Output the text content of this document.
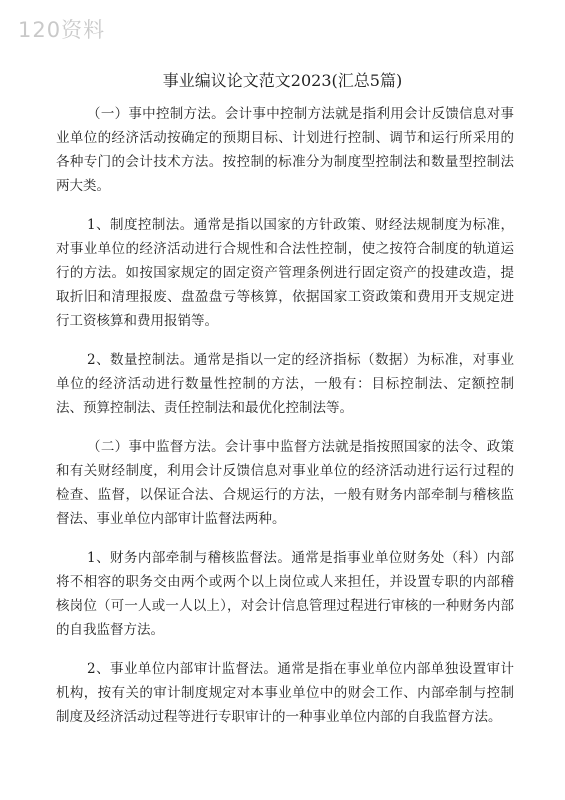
120资料
事业编议论文范文2023(汇总5篇)

（一）事中控制方法。会计事中控制方法就是指利用会计反馈信息对事业单位的经济活动按确定的预期目标、计划进行控制、调节和运行所采用的各种专门的会计技术方法。按控制的标准分为制度型控制法和数量型控制法两大类。

1、制度控制法。通常是指以国家的方针政策、财经法规制度为标准，对事业单位的经济活动进行合规性和合法性控制，使之按符合制度的轨道运行的方法。如按国家规定的固定资产管理条例进行固定资产的投建改造，提取折旧和清理报废、盘盈盘亏等核算，依据国家工资政策和费用开支规定进行工资核算和费用报销等。

2、数量控制法。通常是指以一定的经济指标（数据）为标准，对事业单位的经济活动进行数量性控制的方法，一般有：目标控制法、定额控制法、预算控制法、责任控制法和最优化控制法等。

（二）事中监督方法。会计事中监督方法就是指按照国家的法令、政策和有关财经制度，利用会计反馈信息对事业单位的经济活动进行运行过程的检查、监督，以保证合法、合规运行的方法，一般有财务内部牵制与稽核监督法、事业单位内部审计监督法两种。

1、财务内部牵制与稽核监督法。通常是指事业单位财务处（科）内部将不相容的职务交由两个或两个以上岗位或人来担任，并设置专职的内部稽核岗位（可一人或一人以上），对会计信息管理过程进行审核的一种财务内部的自我监督方法。

2、事业单位内部审计监督法。通常是指在事业单位内部单独设置审计机构，按有关的审计制度规定对本事业单位中的财会工作、内部牵制与控制制度及经济活动过程等进行专职审计的一种事业单位内部的自我监督方法。
